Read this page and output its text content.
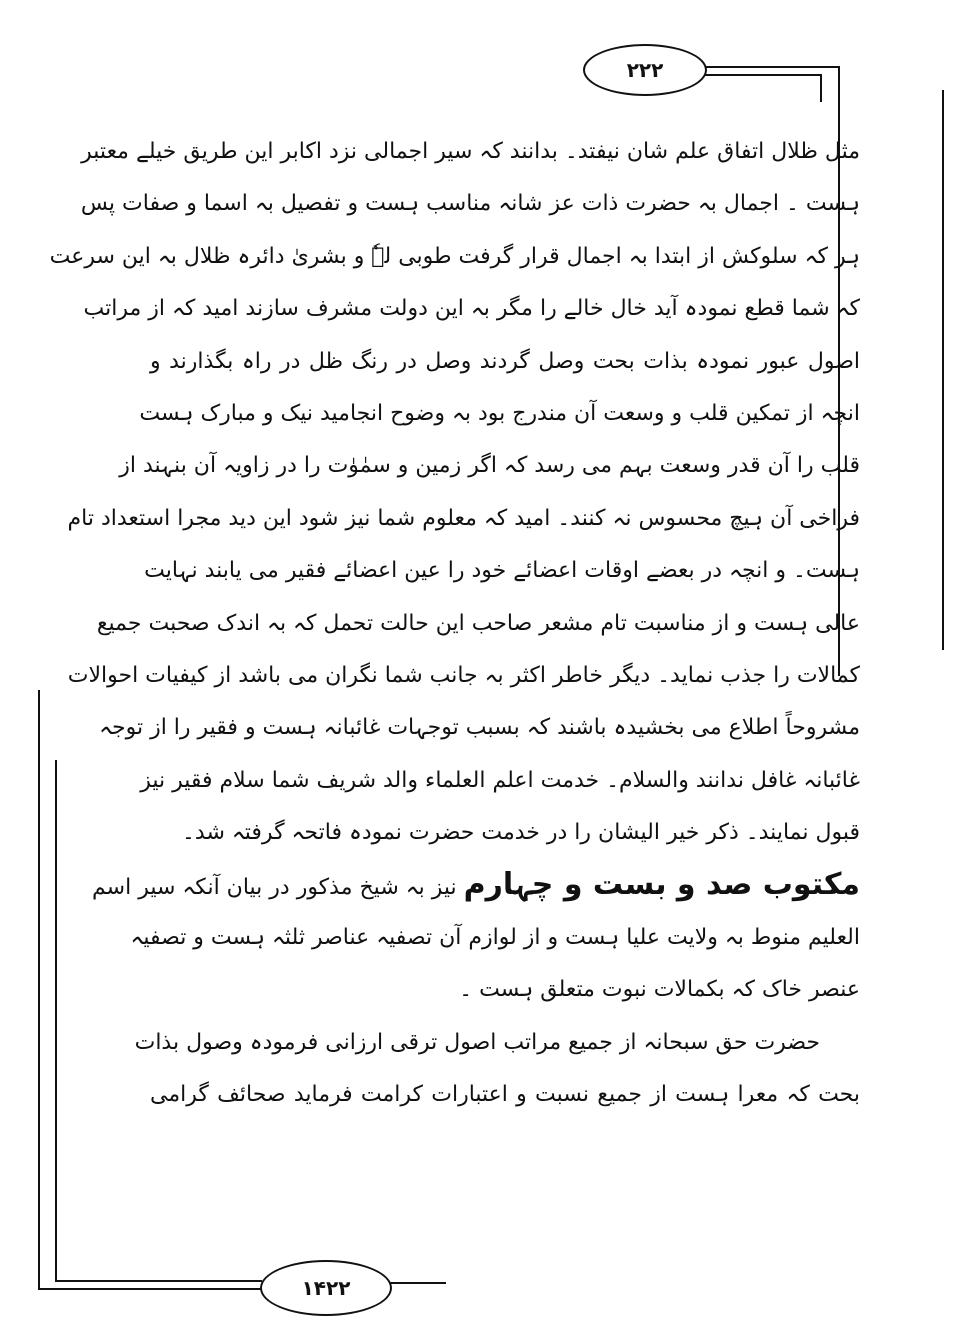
۲۲۲
۱۴۲۲
مثل ظلال اتفاق علم شان نیفتد۔ بدانند کہ سیر اجمالی نزد اکابر این طریق خیلے معتبر
ہست ۔ اجمال بہ حضرت ذات عز شانہ مناسب ہست و تفصیل بہ اسما و صفات پس
ہر کہ سلوکش از ابتدا بہ اجمال قرار گرفت طوبی لہٗ و بشریٰ دائرہ ظلال بہ این سرعت
کہ شما قطع نمودہ آید خال خالے را مگر بہ این دولت مشرف سازند امید کہ از مراتب
اصول عبور نمودہ بذات بحت وصل گردند وصل در رنگ ظل در راہ بگذارند و
انچہ از تمکین قلب و وسعت آن مندرج بود بہ وضوح انجامید نیک و مبارک ہست
قلب را آن قدر وسعت بہم می رسد کہ اگر زمین و سمٰوٰت را در زاویہ آن بنہند از
فراخی آن ہیچ محسوس نہ کنند۔ امید کہ معلوم شما نیز شود این دید مجرا استعداد تام
ہست۔ و انچہ در بعضے اوقات اعضائے خود را عین اعضائے فقیر می یابند نہایت
عالی ہست و از مناسبت تام مشعر صاحب این حالت تحمل کہ بہ اندک صحبت جمیع
کمالات را جذب نماید۔ دیگر خاطر اکثر بہ جانب شما نگران می باشد از کیفیات احوالات
مشروحاً اطلاع می بخشیدہ باشند کہ بسبب توجہات غائبانہ ہست و فقیر را از توجہ
غائبانہ غافل ندانند والسلام۔ خدمت اعلم العلماء والد شریف شما سلام فقیر نیز
قبول نمایند۔ ذکر خیر الیشان را در خدمت حضرت نمودہ فاتحہ گرفتہ شد۔
مکتوب صد و بست و چہارم نیز بہ شیخ مذکور در بیان آنکہ سیر اسم
العلیم منوط بہ ولایت علیا ہست و از لوازم آن تصفیہ عناصر ثلثہ ہست و تصفیہ
عنصر خاک کہ بکمالات نبوت متعلق ہست ۔
حضرت حق سبحانہ از جمیع مراتب اصول ترقی ارزانی فرمودہ وصول بذات
بحت کہ معرا ہست از جمیع نسبت و اعتبارات کرامت فرماید صحائف گرامی
